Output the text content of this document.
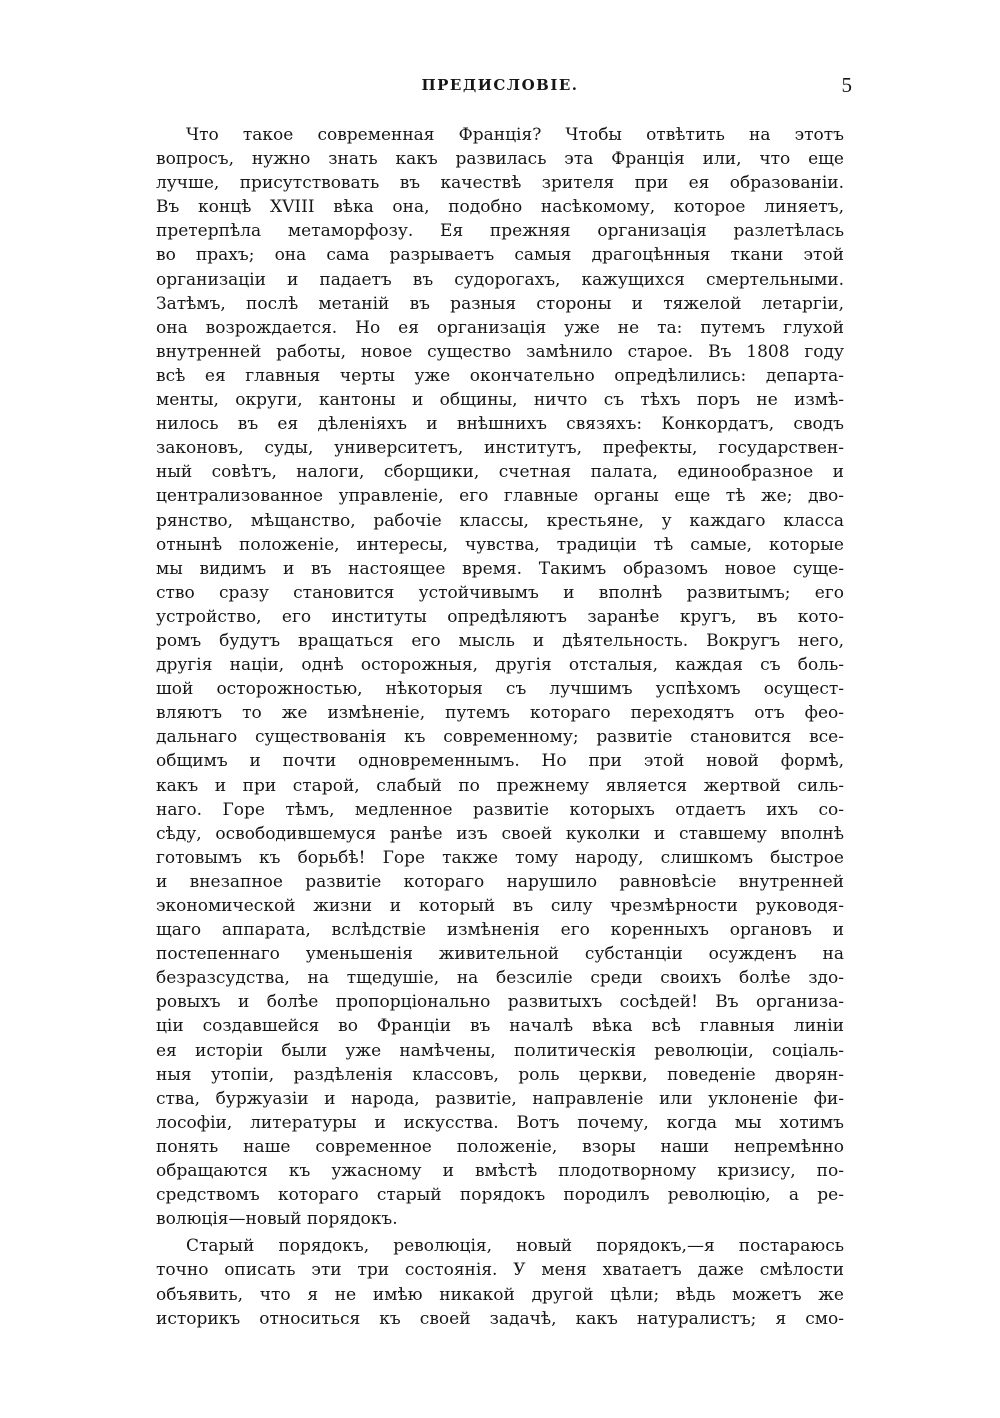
ПРЕДИСЛОВІЕ.	5
Что такое современная Франція? Чтобы отвѣтить на этотъ
вопросъ, нужно знать какъ развилась эта Франція или, что еще
лучше, присутствовать въ качествѣ зрителя при ея образованіи.
Въ концѣ XVIII вѣка она, подобно насѣкомому, которое линяетъ,
претерпѣла метаморфозу. Ея прежняя организація разлетѣлась
во прахъ; она сама разрываетъ самыя драгоцѣнныя ткани этой
организаціи и падаетъ въ судорогахъ, кажущихся смертельными.
Затѣмъ, послѣ метаній въ разныя стороны и тяжелой летаргіи,
она возрождается. Но ея организація уже не та: путемъ глухой
внутренней работы, новое существо замѣнило старое. Въ 1808 году
всѣ ея главныя черты уже окончательно опредѣлились: департа-
менты, округи, кантоны и общины, ничто съ тѣхъ поръ не измѣ-
нилось въ ея дѣленіяхъ и внѣшнихъ связяхъ: Конкордатъ, сводъ
законовъ, суды, университетъ, институтъ, префекты, государствен-
ный совѣтъ, налоги, сборщики, счетная палата, единообразное и
централизованное управленіе, его главные органы еще тѣ же; дво-
рянство, мѣщанство, рабочіе классы, крестьяне, у каждаго класса
отнынѣ положеніе, интересы, чувства, традиціи тѣ самые, которые
мы видимъ и въ настоящее время. Такимъ образомъ новое суще-
ство сразу становится устойчивымъ и вполнѣ развитымъ; его
устройство, его институты опредѣляютъ заранѣе кругъ, въ кото-
ромъ будутъ вращаться его мысль и дѣятельность. Вокругъ него,
другія націи, однѣ осторожныя, другія отсталыя, каждая съ боль-
шой осторожностью, нѣкоторыя съ лучшимъ успѣхомъ осущест-
вляютъ то же измѣненіе, путемъ котораго переходятъ отъ фео-
дальнаго существованія къ современному; развитіе становится все-
общимъ и почти одновременнымъ. Но при этой новой формѣ,
какъ и при старой, слабый по прежнему является жертвой силь-
наго. Горе тѣмъ, медленное развитіе которыхъ отдаетъ ихъ со-
сѣду, освободившемуся ранѣе изъ своей куколки и ставшему вполнѣ
готовымъ къ борьбѣ! Горе также тому народу, слишкомъ быстрое
и внезапное развитіе котораго нарушило равновѣсіе внутренней
экономической жизни и который въ силу чрезмѣрности руководя-
щаго аппарата, вслѣдствіе измѣненія его коренныхъ органовъ и
постепеннаго уменьшенія живительной субстанціи осужденъ на
безразсудства, на тщедушіе, на безсиліе среди своихъ болѣе здо-
ровыхъ и болѣе пропорціонально развитыхъ сосѣдей! Въ организа-
ціи создавшейся во Франціи въ началѣ вѣка всѣ главныя линіи
ея исторіи были уже намѣчены, политическія революціи, соціаль-
ныя утопіи, раздѣленія классовъ, роль церкви, поведеніе дворян-
ства, буржуазіи и народа, развитіе, направленіе или уклоненіе фи-
лософіи, литературы и искусства. Вотъ почему, когда мы хотимъ
понять наше современное положеніе, взоры наши непремѣнно
обращаются къ ужасному и вмѣстѣ плодотворному кризису, по-
средствомъ котораго старый порядокъ породилъ революцію, а ре-
волюція—новый порядокъ.
Старый порядокъ, революція, новый порядокъ,—я постараюсь
точно описать эти три состоянія. У меня хватаетъ даже смѣлости
объявить, что я не имѣю никакой другой цѣли; вѣдь можетъ же
историкъ относиться къ своей задачѣ, какъ натуралистъ; я смо-
